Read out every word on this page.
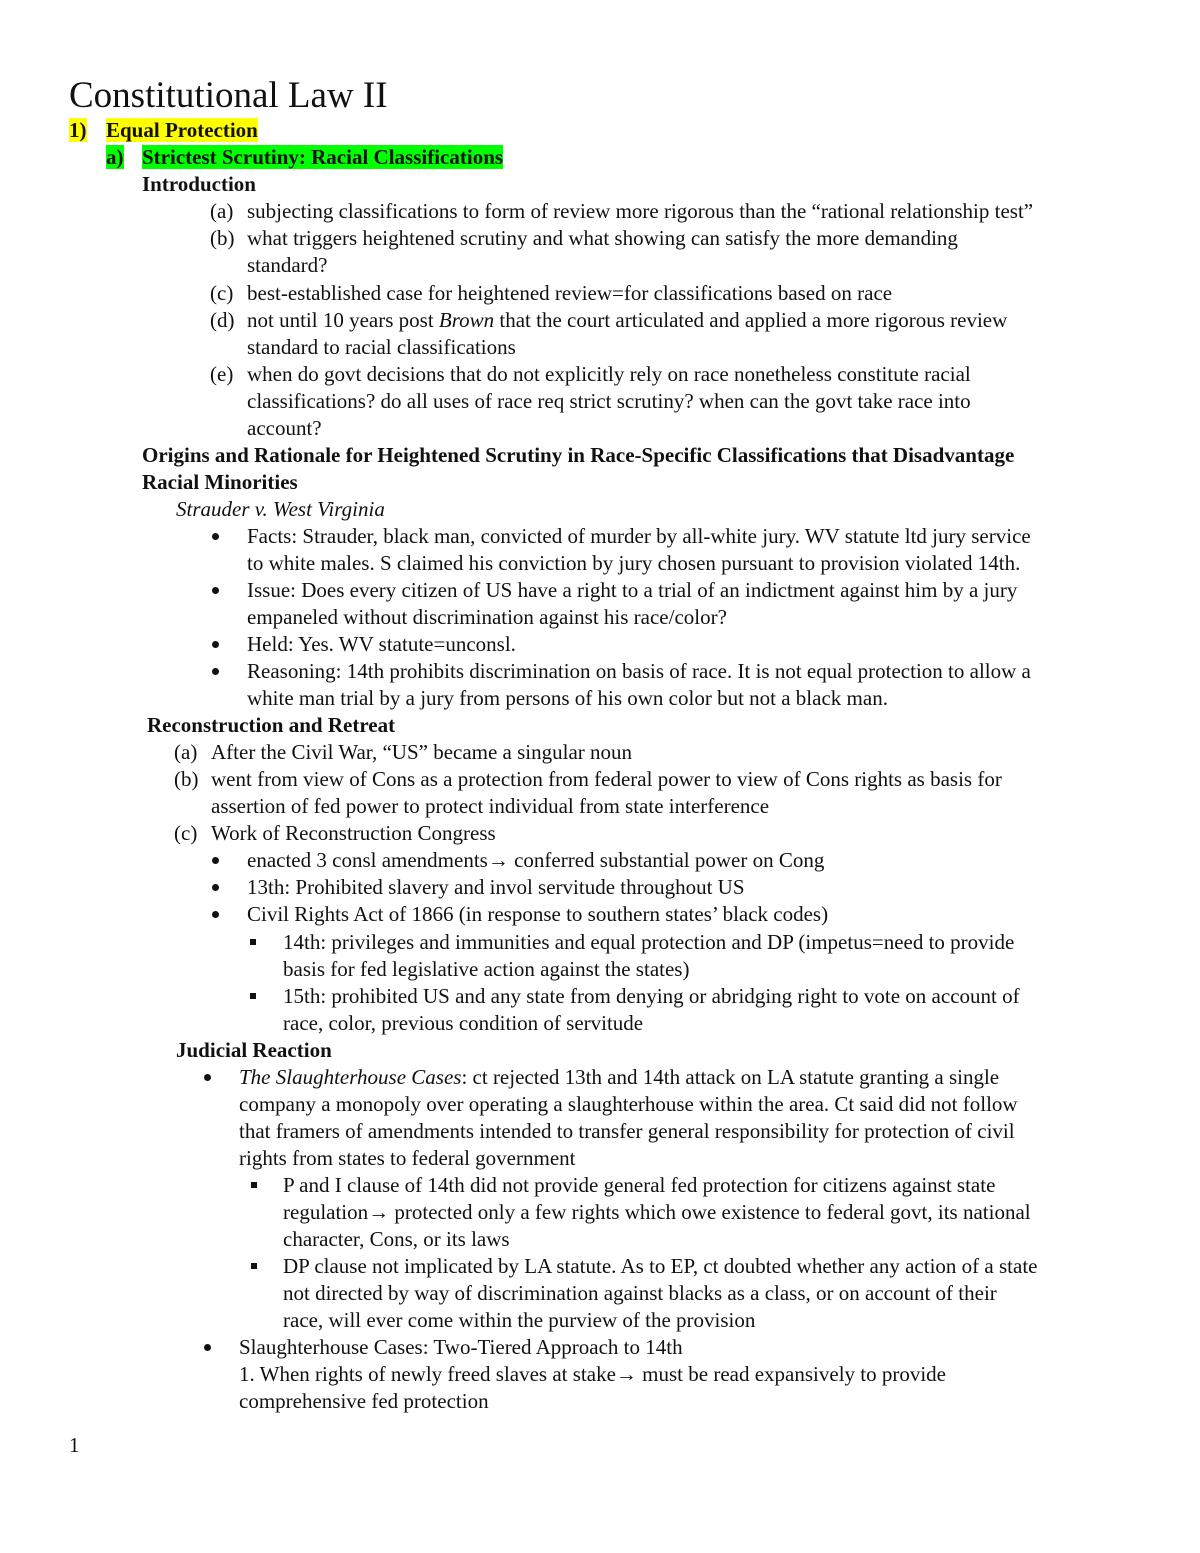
Constitutional Law II
1) Equal Protection
a) Strictest Scrutiny: Racial Classifications
Introduction
(a) subjecting classifications to form of review more rigorous than the “rational relationship test”
(b) what triggers heightened scrutiny and what showing can satisfy the more demanding
standard?
(c) best-established case for heightened review=for classifications based on race
(d) not until 10 years post Brown that the court articulated and applied a more rigorous review
standard to racial classifications
(e) when do govt decisions that do not explicitly rely on race nonetheless constitute racial
classifications? do all uses of race req strict scrutiny? when can the govt take race into
account?
Origins and Rationale for Heightened Scrutiny in Race-Specific Classifications that Disadvantage
Racial Minorities
Strauder v. West Virginia
Facts: Strauder, black man, convicted of murder by all-white jury. WV statute ltd jury service
to white males. S claimed his conviction by jury chosen pursuant to provision violated 14th.
Issue: Does every citizen of US have a right to a trial of an indictment against him by a jury
empaneled without discrimination against his race/color?
Held: Yes. WV statute=unconsl.
Reasoning: 14th prohibits discrimination on basis of race. It is not equal protection to allow a
white man trial by a jury from persons of his own color but not a black man.
Reconstruction and Retreat
(a) After the Civil War, “US” became a singular noun
(b) went from view of Cons as a protection from federal power to view of Cons rights as basis for
assertion of fed power to protect individual from state interference
(c) Work of Reconstruction Congress
enacted 3 consl amendments→ conferred substantial power on Cong
13th: Prohibited slavery and invol servitude throughout US
Civil Rights Act of 1866 (in response to southern states’ black codes)
14th: privileges and immunities and equal protection and DP (impetus=need to provide
basis for fed legislative action against the states)
15th: prohibited US and any state from denying or abridging right to vote on account of
race, color, previous condition of servitude
Judicial Reaction
The Slaughterhouse Cases: ct rejected 13th and 14th attack on LA statute granting a single
company a monopoly over operating a slaughterhouse within the area. Ct said did not follow
that framers of amendments intended to transfer general responsibility for protection of civil
rights from states to federal government
P and I clause of 14th did not provide general fed protection for citizens against state
regulation→ protected only a few rights which owe existence to federal govt, its national
character, Cons, or its laws
DP clause not implicated by LA statute. As to EP, ct doubted whether any action of a state
not directed by way of discrimination against blacks as a class, or on account of their
race, will ever come within the purview of the provision
Slaughterhouse Cases: Two-Tiered Approach to 14th
1. When rights of newly freed slaves at stake→ must be read expansively to provide
comprehensive fed protection
1
